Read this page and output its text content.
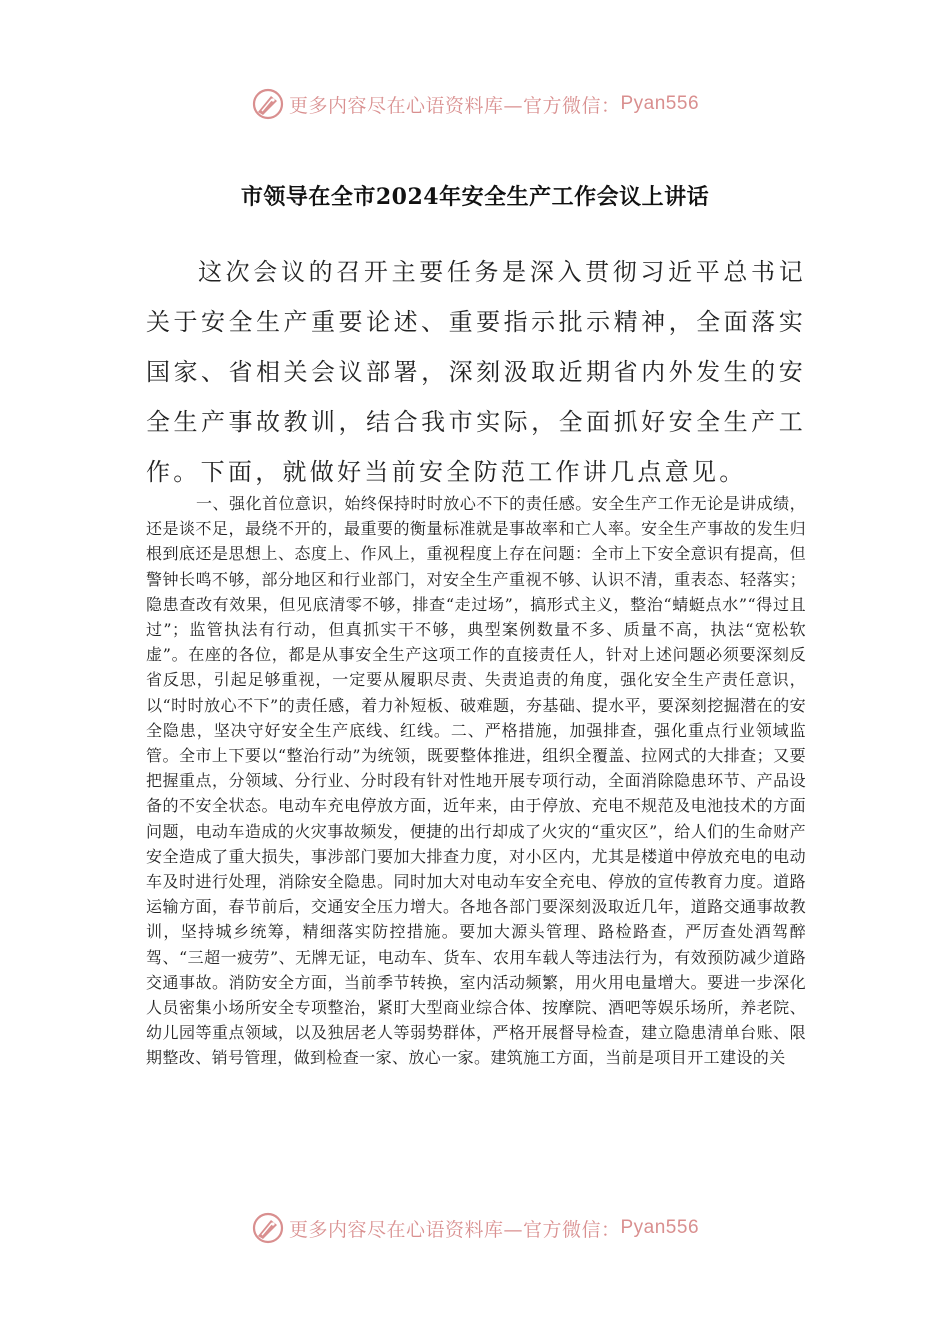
更多内容尽在心语资料库—官方微信： Pyan556
市领导在全市2024年安全生产工作会议上讲话

这次会议的召开主要任务是深入贯彻习近平总书记关于安全生产重要论述、重要指示批示精神，全面落实国家、省相关会议部署，深刻汲取近期省内外发生的安全生产事故教训，结合我市实际，全面抓好安全生产工作。下面，就做好当前安全防范工作讲几点意见。

一、强化首位意识，始终保持时时放心不下的责任感。安全生产工作无论是讲成绩，还是谈不足，最绕不开的，最重要的衡量标准就是事故率和亡人率。安全生产事故的发生归根到底还是思想上、态度上、作风上，重视程度上存在问题：全市上下安全意识有提高，但警钟长鸣不够，部分地区和行业部门，对安全生产重视不够、认识不清，重表态、轻落实；隐患查改有效果，但见底清零不够，排查“走过场”，搞形式主义，整治“蜻蜓点水”“得过且过”；监管执法有行动，但真抓实干不够，典型案例数量不多、质量不高，执法“宽松软虚”。在座的各位，都是从事安全生产这项工作的直接责任人，针对上述问题必须要深刻反省反思，引起足够重视，一定要从履职尽责、失责追责的角度，强化安全生产责任意识，以“时时放心不下”的责任感，着力补短板、破难题，夯基础、提水平，要深刻挖掘潜在的安全隐患，坚决守好安全生产底线、红线。二、严格措施，加强排查，强化重点行业领域监管。全市上下要以“整治行动”为统领，既要整体推进，组织全覆盖、拉网式的大排查；又要把握重点，分领域、分行业、分时段有针对性地开展专项行动，全面消除隐患环节、产品设备的不安全状态。电动车充电停放方面，近年来，由于停放、充电不规范及电池技术的方面问题，电动车造成的火灾事故频发，便捷的出行却成了火灾的“重灾区”，给人们的生命财产安全造成了重大损失，事涉部门要加大排查力度，对小区内，尤其是楼道中停放充电的电动车及时进行处理，消除安全隐患。同时加大对电动车安全充电、停放的宣传教育力度。道路运输方面，春节前后，交通安全压力增大。各地各部门要深刻汲取近几年，道路交通事故教训，坚持城乡统筹，精细落实防控措施。要加大源头管理、路检路查，严厉查处酒驾醉驾、“三超一疲劳”、无牌无证，电动车、货车、农用车载人等违法行为，有效预防减少道路交通事故。消防安全方面，当前季节转换，室内活动频繁，用火用电量增大。要进一步深化人员密集小场所安全专项整治，紧盯大型商业综合体、按摩院、酒吧等娱乐场所，养老院、幼儿园等重点领域，以及独居老人等弱势群体，严格开展督导检查，建立隐患清单台账、限期整改、销号管理，做到检查一家、放心一家。建筑施工方面，当前是项目开工建设的关

更多内容尽在心语资料库—官方微信： Pyan556
